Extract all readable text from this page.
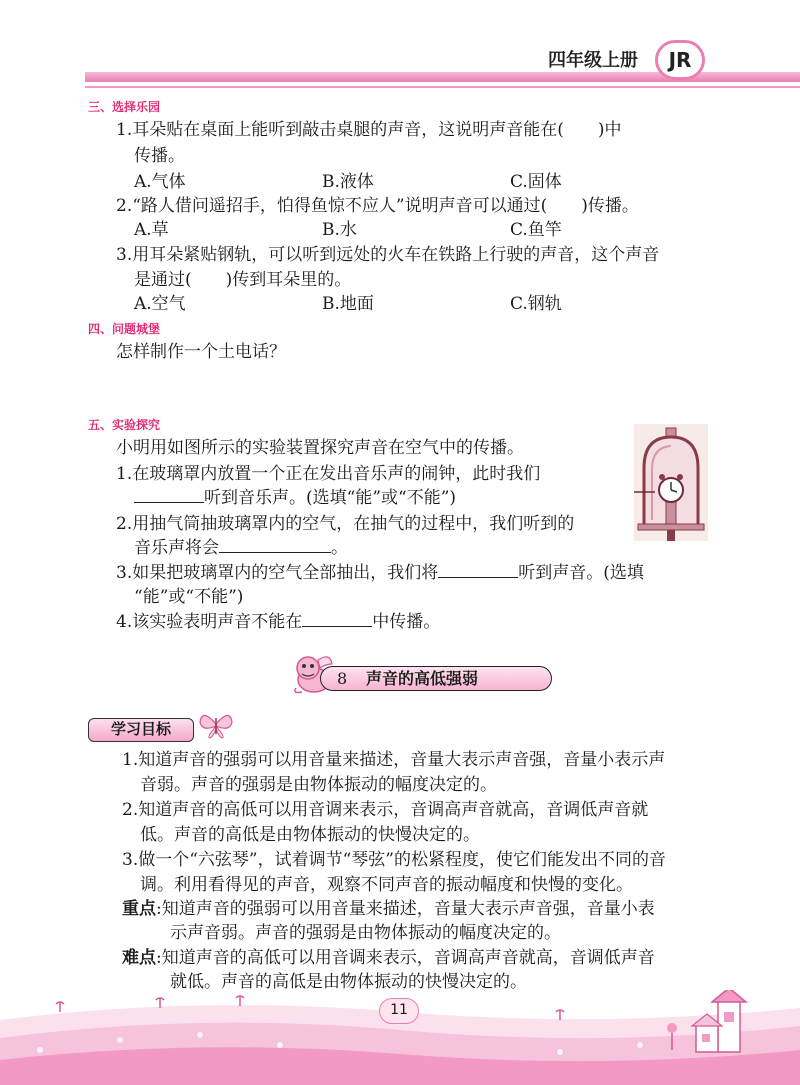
四年级上册	JR
三、选择乐园
1.耳朵贴在桌面上能听到敲击桌腿的声音，这说明声音能在(　　)中
传播。
A.气体	B.液体	C.固体
2.“路人借问遥招手，怕得鱼惊不应人”说明声音可以通过(　　)传播。
A.草	B.水	C.鱼竿
3.用耳朵紧贴钢轨，可以听到远处的火车在铁路上行驶的声音，这个声音
是通过(　　)传到耳朵里的。
A.空气	B.地面	C.钢轨
四、问题城堡
怎样制作一个土电话？
五、实验探究
小明用如图所示的实验装置探究声音在空气中的传播。
1.在玻璃罩内放置一个正在发出音乐声的闹钟，此时我们
听到音乐声。(选填“能”或“不能”)
2.用抽气筒抽玻璃罩内的空气，在抽气的过程中，我们听到的
音乐声将会	。
3.如果把玻璃罩内的空气全部抽出，我们将	听到声音。(选填
“能”或“不能”)
4.该实验表明声音不能在	中传播。
8 声音的高低强弱
学习目标
1.知道声音的强弱可以用音量来描述，音量大表示声音强，音量小表示声
音弱。声音的强弱是由物体振动的幅度决定的。
2.知道声音的高低可以用音调来表示，音调高声音就高，音调低声音就
低。声音的高低是由物体振动的快慢决定的。
3.做一个“六弦琴”，试着调节“琴弦”的松紧程度，使它们能发出不同的音
调。利用看得见的声音，观察不同声音的振动幅度和快慢的变化。
重点:知道声音的强弱可以用音量来描述，音量大表示声音强，音量小表
示声音弱。声音的强弱是由物体振动的幅度决定的。
难点:知道声音的高低可以用音调来表示，音调高声音就高，音调低声音
就低。声音的高低是由物体振动的快慢决定的。
11
